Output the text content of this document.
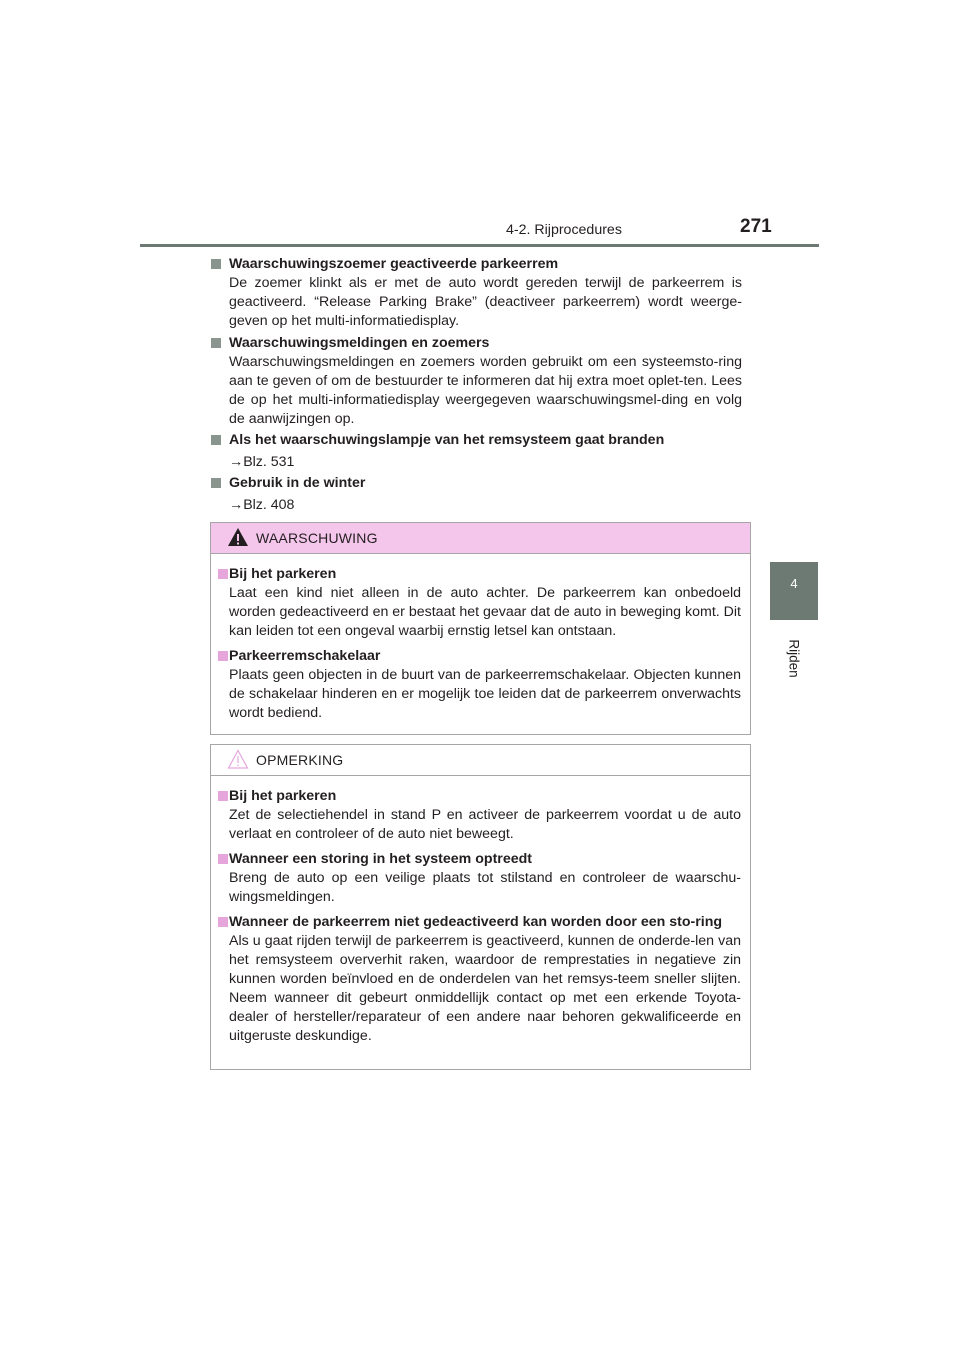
4-2. Rijprocedures	271
4
Rijden
Waarschuwingszoemer geactiveerde parkeerrem

De zoemer klinkt als er met de auto wordt gereden terwijl de parkeerrem is geactiveerd. “Release Parking Brake” (deactiveer parkeerrem) wordt weerge-geven op het multi-informatiedisplay.

Waarschuwingsmeldingen en zoemers

Waarschuwingsmeldingen en zoemers worden gebruikt om een systeemsto-ring aan te geven of om de bestuurder te informeren dat hij extra moet oplet-ten. Lees de op het multi-informatiedisplay weergegeven waarschuwingsmel-ding en volg de aanwijzingen op.

Als het waarschuwingslampje van het remsysteem gaat branden
→Blz. 531
Gebruik in de winter
→Blz. 408
WAARSCHUWING
Bij het parkeren
Laat een kind niet alleen in de auto achter. De parkeerrem kan onbedoeld worden gedeactiveerd en er bestaat het gevaar dat de auto in beweging komt. Dit kan leiden tot een ongeval waarbij ernstig letsel kan ontstaan.
Parkeerremschakelaar
Plaats geen objecten in de buurt van de parkeerremschakelaar. Objecten kunnen de schakelaar hinderen en er mogelijk toe leiden dat de parkeerrem onverwachts wordt bediend.
OPMERKING
Bij het parkeren
Zet de selectiehendel in stand P en activeer de parkeerrem voordat u de auto verlaat en controleer of de auto niet beweegt.
Wanneer een storing in het systeem optreedt
Breng de auto op een veilige plaats tot stilstand en controleer de waarschu-wingsmeldingen.
Wanneer de parkeerrem niet gedeactiveerd kan worden door een sto-ring
Als u gaat rijden terwijl de parkeerrem is geactiveerd, kunnen de onderde-len van het remsysteem oververhit raken, waardoor de remprestaties in negatieve zin kunnen worden beïnvloed en de onderdelen van het remsys-teem sneller slijten. Neem wanneer dit gebeurt onmiddellijk contact op met een erkende Toyota-dealer of hersteller/reparateur of een andere naar behoren gekwalificeerde en uitgeruste deskundige.
